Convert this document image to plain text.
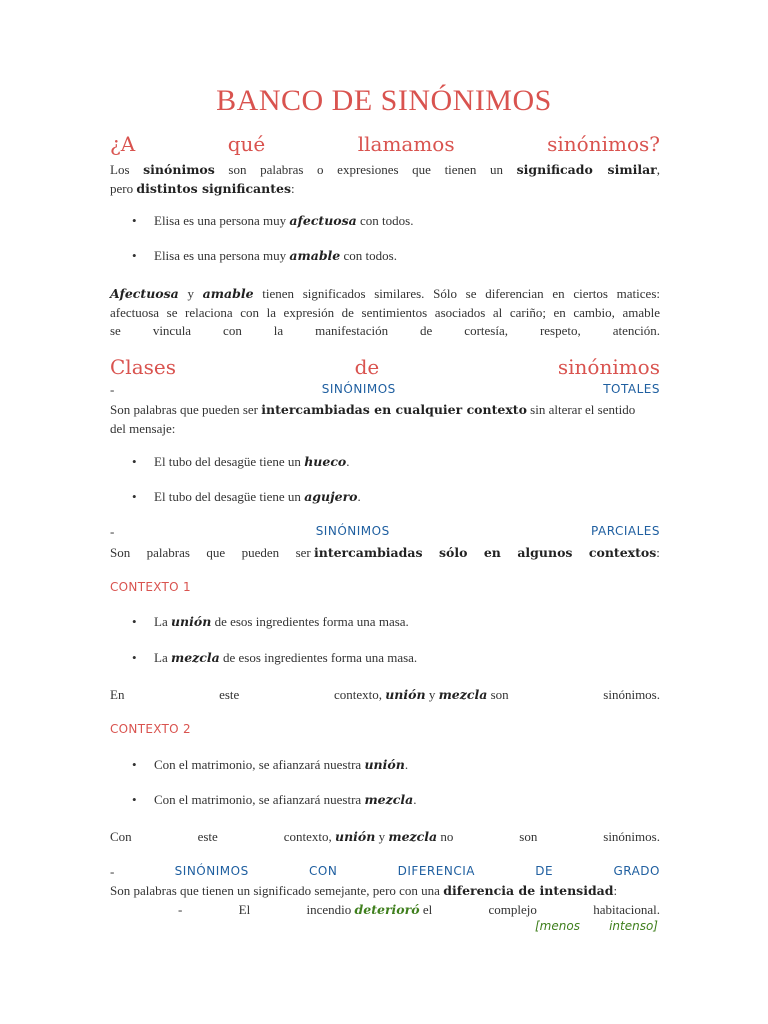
BANCO DE SINÓNIMOS
¿A	qué	llamamos	sinónimos?
Los sinónimos son palabras o expresiones que tienen un significado similar,
pero distintos significantes:
• Elisa es una persona muy afectuosa con todos.
• Elisa es una persona muy amable con todos.
Afectuosa y amable tienen significados similares. Sólo se diferencian en ciertos matices:
afectuosa se relaciona con la expresión de sentimientos asociados al cariño; en cambio, amable
se vincula con la manifestación de cortesía, respeto, atención.
Clases	de	sinónimos
-	SINÓNIMOS	TOTALES
Son palabras que pueden ser intercambiadas en cualquier contexto sin alterar el sentido
del mensaje:
• El tubo del desagüe tiene un hueco.
• El tubo del desagüe tiene un agujero.
-	SINÓNIMOS	PARCIALES
Son palabras que pueden ser intercambiadas sólo en algunos contextos:
CONTEXTO 1
• La unión de esos ingredientes forma una masa.
• La mezcla de esos ingredientes forma una masa.
En	este	contexto, unión y mezcla son	sinónimos.
CONTEXTO 2
• Con el matrimonio, se afianzará nuestra unión.
• Con el matrimonio, se afianzará nuestra mezcla.
Con	este	contexto, unión y mezcla no	son	sinónimos.
-	SINÓNIMOS	CON	DIFERENCIA	DE	GRADO
Son palabras que tienen un significado semejante, pero con una diferencia de intensidad:
-	El	incendio deterioró el	complejo	habitacional.
[menos intenso]
